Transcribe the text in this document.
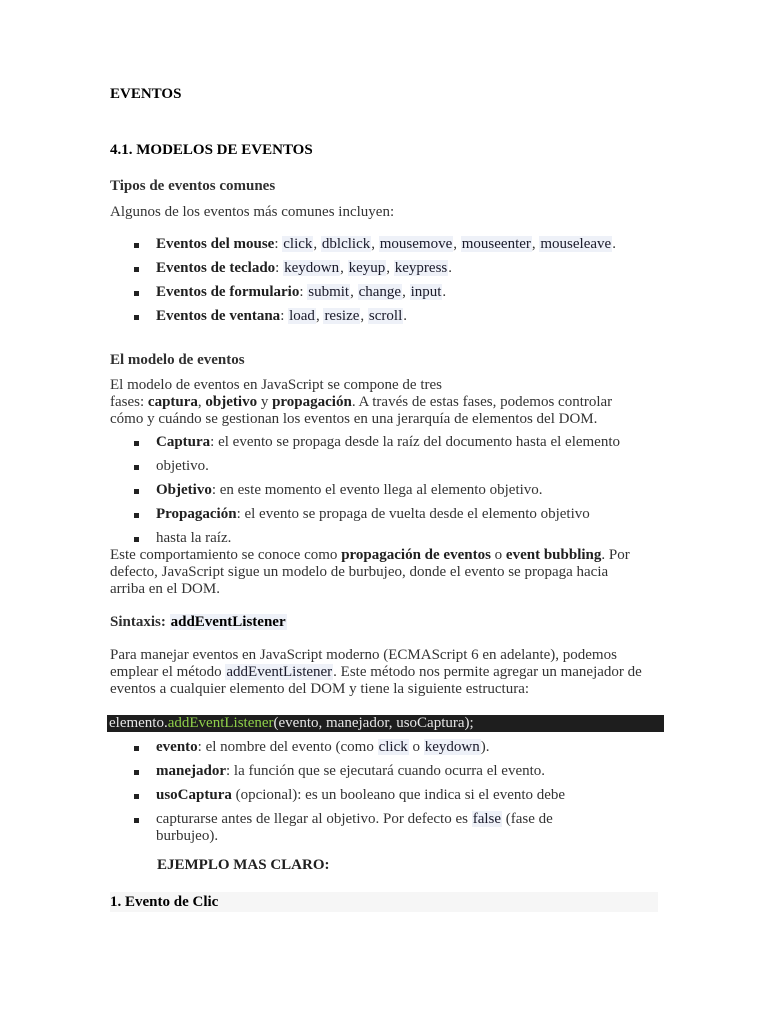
EVENTOS
4.1. MODELOS DE EVENTOS
Tipos de eventos comunes
Algunos de los eventos más comunes incluyen:
Eventos del mouse: click, dblclick, mousemove, mouseenter, mouseleave.
Eventos de teclado: keydown, keyup, keypress.
Eventos de formulario: submit, change, input.
Eventos de ventana: load, resize, scroll.
El modelo de eventos
El modelo de eventos en JavaScript se compone de tres
fases: captura, objetivo y propagación. A través de estas fases, podemos controlar
cómo y cuándo se gestionan los eventos en una jerarquía de elementos del DOM.
Captura: el evento se propaga desde la raíz del documento hasta el elemento
objetivo.
Objetivo: en este momento el evento llega al elemento objetivo.
Propagación: el evento se propaga de vuelta desde el elemento objetivo
hasta la raíz.
Este comportamiento se conoce como propagación de eventos o event bubbling. Por
defecto, JavaScript sigue un modelo de burbujeo, donde el evento se propaga hacia
arriba en el DOM.
Sintaxis: addEventListener
Para manejar eventos en JavaScript moderno (ECMAScript 6 en adelante), podemos
emplear el método addEventListener. Este método nos permite agregar un manejador de
eventos a cualquier elemento del DOM y tiene la siguiente estructura:
elemento.addEventListener(evento, manejador, usoCaptura);
evento: el nombre del evento (como click o keydown).
manejador: la función que se ejecutará cuando ocurra el evento.
usoCaptura (opcional): es un booleano que indica si el evento debe
capturarse antes de llegar al objetivo. Por defecto es false (fase de burbujeo).
EJEMPLO MAS CLARO:
1. Evento de Clic
